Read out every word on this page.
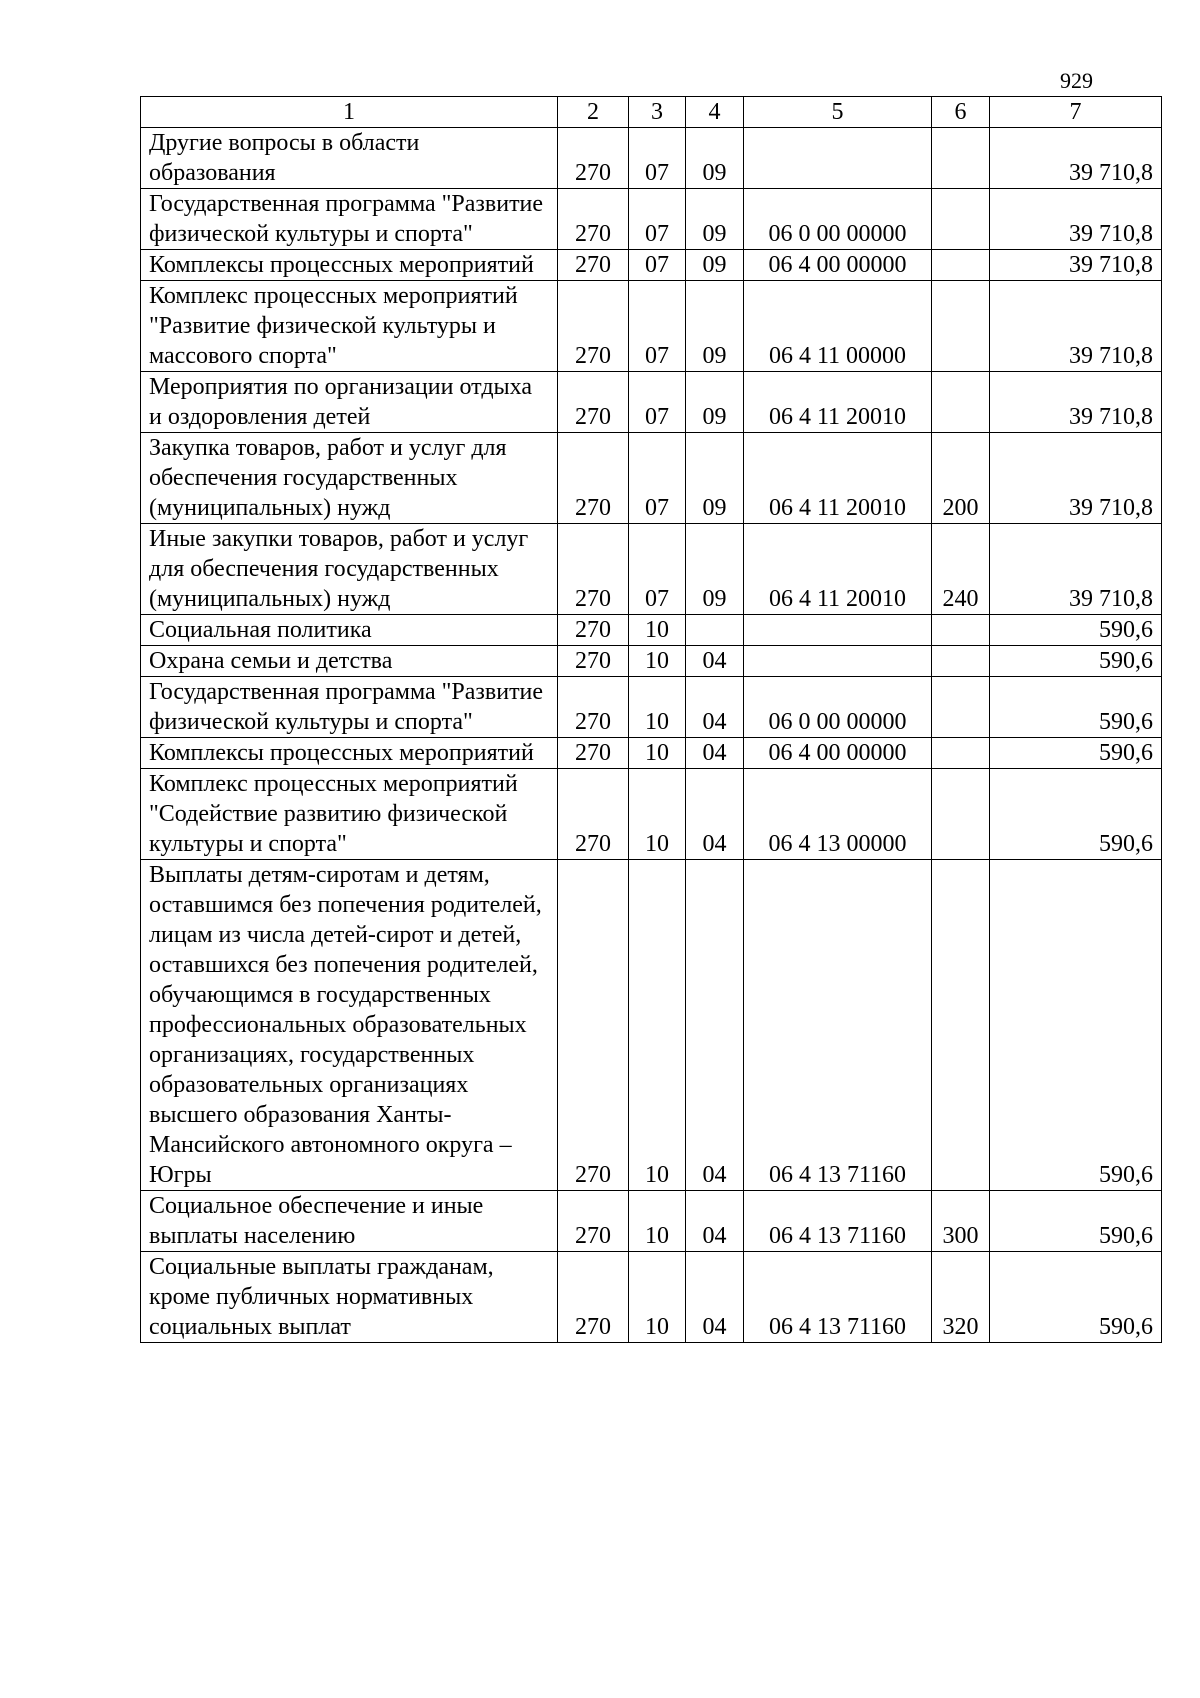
929
1	2	3	4	5	6	7
Другие вопросы в области образования	270	07	09			39 710,8
Государственная программа "Развитие физической культуры и спорта"	270	07	09	06 0 00 00000		39 710,8
Комплексы процессных мероприятий	270	07	09	06 4 00 00000		39 710,8
Комплекс процессных мероприятий "Развитие физической культуры и массового спорта"	270	07	09	06 4 11 00000		39 710,8
Мероприятия по организации отдыха и оздоровления детей	270	07	09	06 4 11 20010		39 710,8
Закупка товаров, работ и услуг для обеспечения государственных (муниципальных) нужд	270	07	09	06 4 11 20010	200	39 710,8
Иные закупки товаров, работ и услуг для обеспечения государственных (муниципальных) нужд	270	07	09	06 4 11 20010	240	39 710,8
Социальная политика	270	10				590,6
Охрана семьи и детства	270	10	04			590,6
Государственная программа "Развитие физической культуры и спорта"	270	10	04	06 0 00 00000		590,6
Комплексы процессных мероприятий	270	10	04	06 4 00 00000		590,6
Комплекс процессных мероприятий "Содействие развитию физической культуры и спорта"	270	10	04	06 4 13 00000		590,6
Выплаты детям-сиротам и детям, оставшимся без попечения родителей, лицам из числа детей-сирот и детей, оставшихся без попечения родителей, обучающимся в государственных профессиональных образовательных организациях, государственных образовательных организациях высшего образования Ханты-Мансийского автономного округа – Югры	270	10	04	06 4 13 71160		590,6
Социальное обеспечение и иные выплаты населению	270	10	04	06 4 13 71160	300	590,6
Социальные выплаты гражданам, кроме публичных нормативных социальных выплат	270	10	04	06 4 13 71160	320	590,6
